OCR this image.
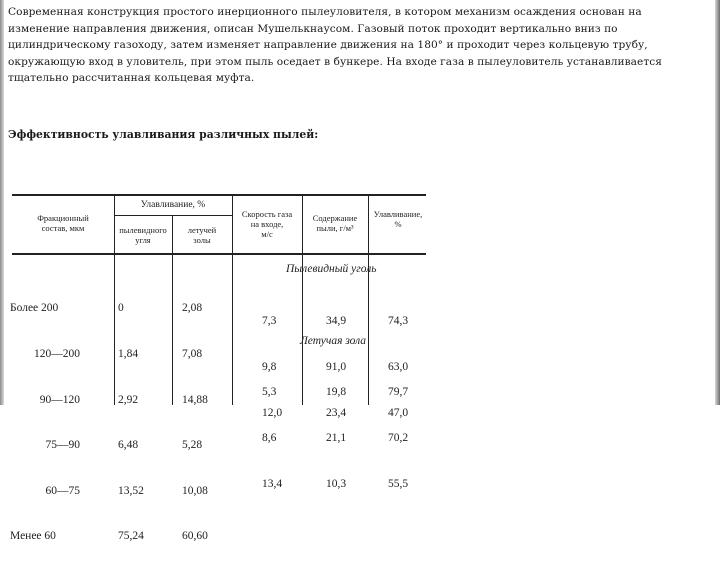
Современная конструкция простого инерционного пылеуловителя, в котором механизм осаждения основан на
изменение направления движения, описан Мушелькнаусом. Газовый поток проходит вертикально вниз по
цилиндрическому газоходу, затем изменяет направление движения на 180° и проходит через кольцевую трубу,
окружающую вход в уловитель, при этом пыль оседает в бункере. На входе газа в пылеуловитель устанавливается
тщательно рассчитанная кольцевая муфта.
Эффективность улавливания различных пылей:
Фракционный
состав, мкм
Улавливание, %
пылевидного
угля
летучей
золы
Скорость газа
на входе,
м/с
Содержание
пыли, г/м³
Улавливание,
%

Более 200

120—200

90—120

75—90

60—75

Менее 60

0

1,84

2,92

6,48

13,52

75,24

2,08

7,08

14,88

5,28

10,08

60,60

Пылевидный уголь

7,3

9,8

12,0

34,9

91,0

23,4

74,3

63,0

47,0

Летучая зола

5,3

8,6

13,4

19,8

21,1

10,3

79,7

70,2

55,5
